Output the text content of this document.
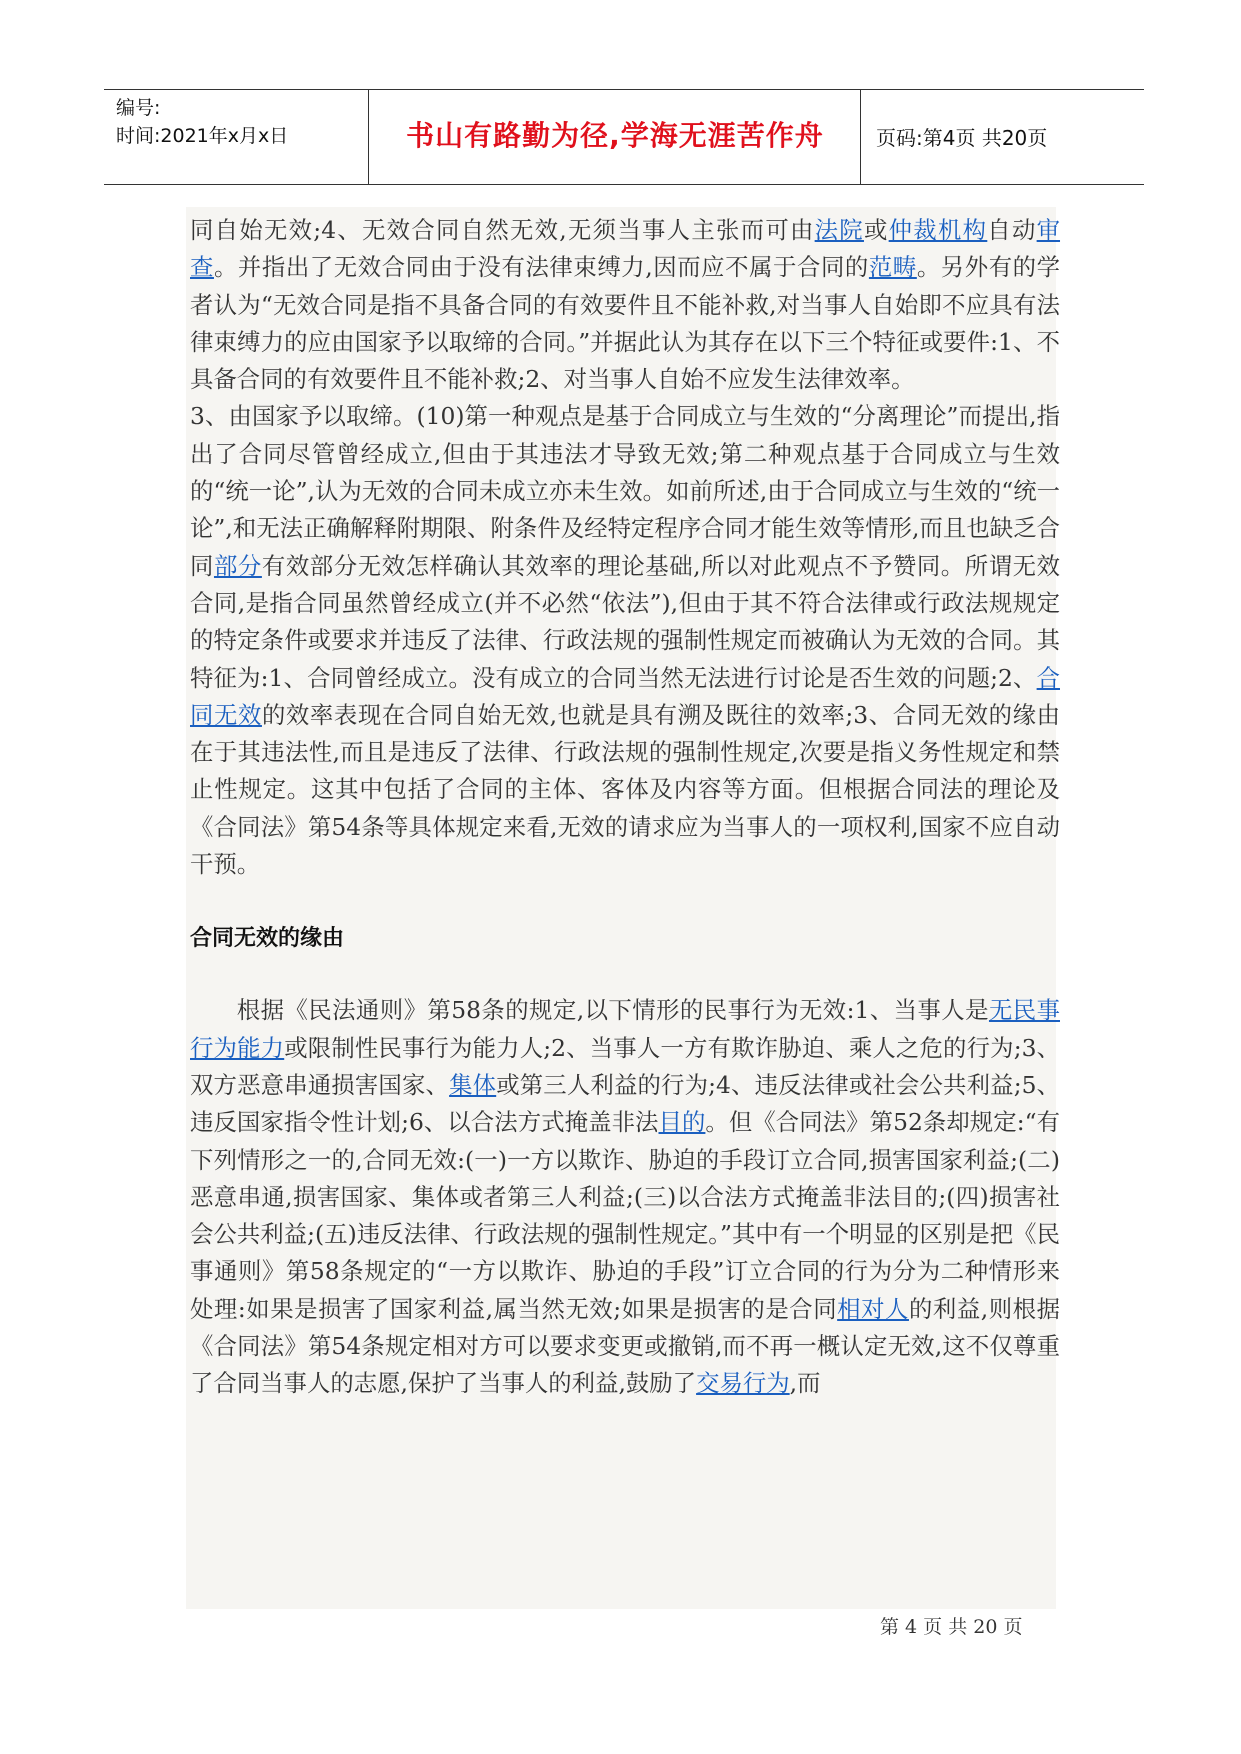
编号:
时间:2021年x月x日	书山有路勤为径,学海无涯苦作舟	页码:第4页 共20页

同自始无效;4、无效合同自然无效,无须当事人主张而可由法院或仲裁机构自动审查。并指出了无效合同由于没有法律束缚力,因而应不属于合同的范畴。另外有的学者认为“无效合同是指不具备合同的有效要件且不能补救,对当事人自始即不应具有法律束缚力的应由国家予以取缔的合同。”并据此认为其存在以下三个特征或要件:1、不具备合同的有效要件且不能补救;2、对当事人自始不应发生法律效率。

3、由国家予以取缔。(10)第一种观点是基于合同成立与生效的“分离理论”而提出,指出了合同尽管曾经成立,但由于其违法才导致无效;第二种观点基于合同成立与生效的“统一论”,认为无效的合同未成立亦未生效。如前所述,由于合同成立与生效的“统一论”,和无法正确解释附期限、附条件及经特定程序合同才能生效等情形,而且也缺乏合同部分有效部分无效怎样确认其效率的理论基础,所以对此观点不予赞同。所谓无效合同,是指合同虽然曾经成立(并不必然“依法”),但由于其不符合法律或行政法规规定的特定条件或要求并违反了法律、行政法规的强制性规定而被确认为无效的合同。其特征为:1、合同曾经成立。没有成立的合同当然无法进行讨论是否生效的问题;2、合同无效的效率表现在合同自始无效,也就是具有溯及既往的效率;3、合同无效的缘由在于其违法性,而且是违反了法律、行政法规的强制性规定,次要是指义务性规定和禁止性规定。这其中包括了合同的主体、客体及内容等方面。但根据合同法的理论及《合同法》第54条等具体规定来看,无效的请求应为当事人的一项权利,国家不应自动干预。

合同无效的缘由

根据《民法通则》第58条的规定,以下情形的民事行为无效:1、当事人是无民事行为能力或限制性民事行为能力人;2、当事人一方有欺诈胁迫、乘人之危的行为;3、双方恶意串通损害国家、集体或第三人利益的行为;4、违反法律或社会公共利益;5、违反国家指令性计划;6、以合法方式掩盖非法目的。但《合同法》第52条却规定:“有下列情形之一的,合同无效:(一)一方以欺诈、胁迫的手段订立合同,损害国家利益;(二)恶意串通,损害国家、集体或者第三人利益;(三)以合法方式掩盖非法目的;(四)损害社会公共利益;(五)违反法律、行政法规的强制性规定。”其中有一个明显的区别是把《民事通则》第58条规定的“一方以欺诈、胁迫的手段”订立合同的行为分为二种情形来处理:如果是损害了国家利益,属当然无效;如果是损害的是合同相对人的利益,则根据《合同法》第54条规定相对方可以要求变更或撤销,而不再一概认定无效,这不仅尊重了合同当事人的志愿,保护了当事人的利益,鼓励了交易行为,而

第 4 页 共 20 页
